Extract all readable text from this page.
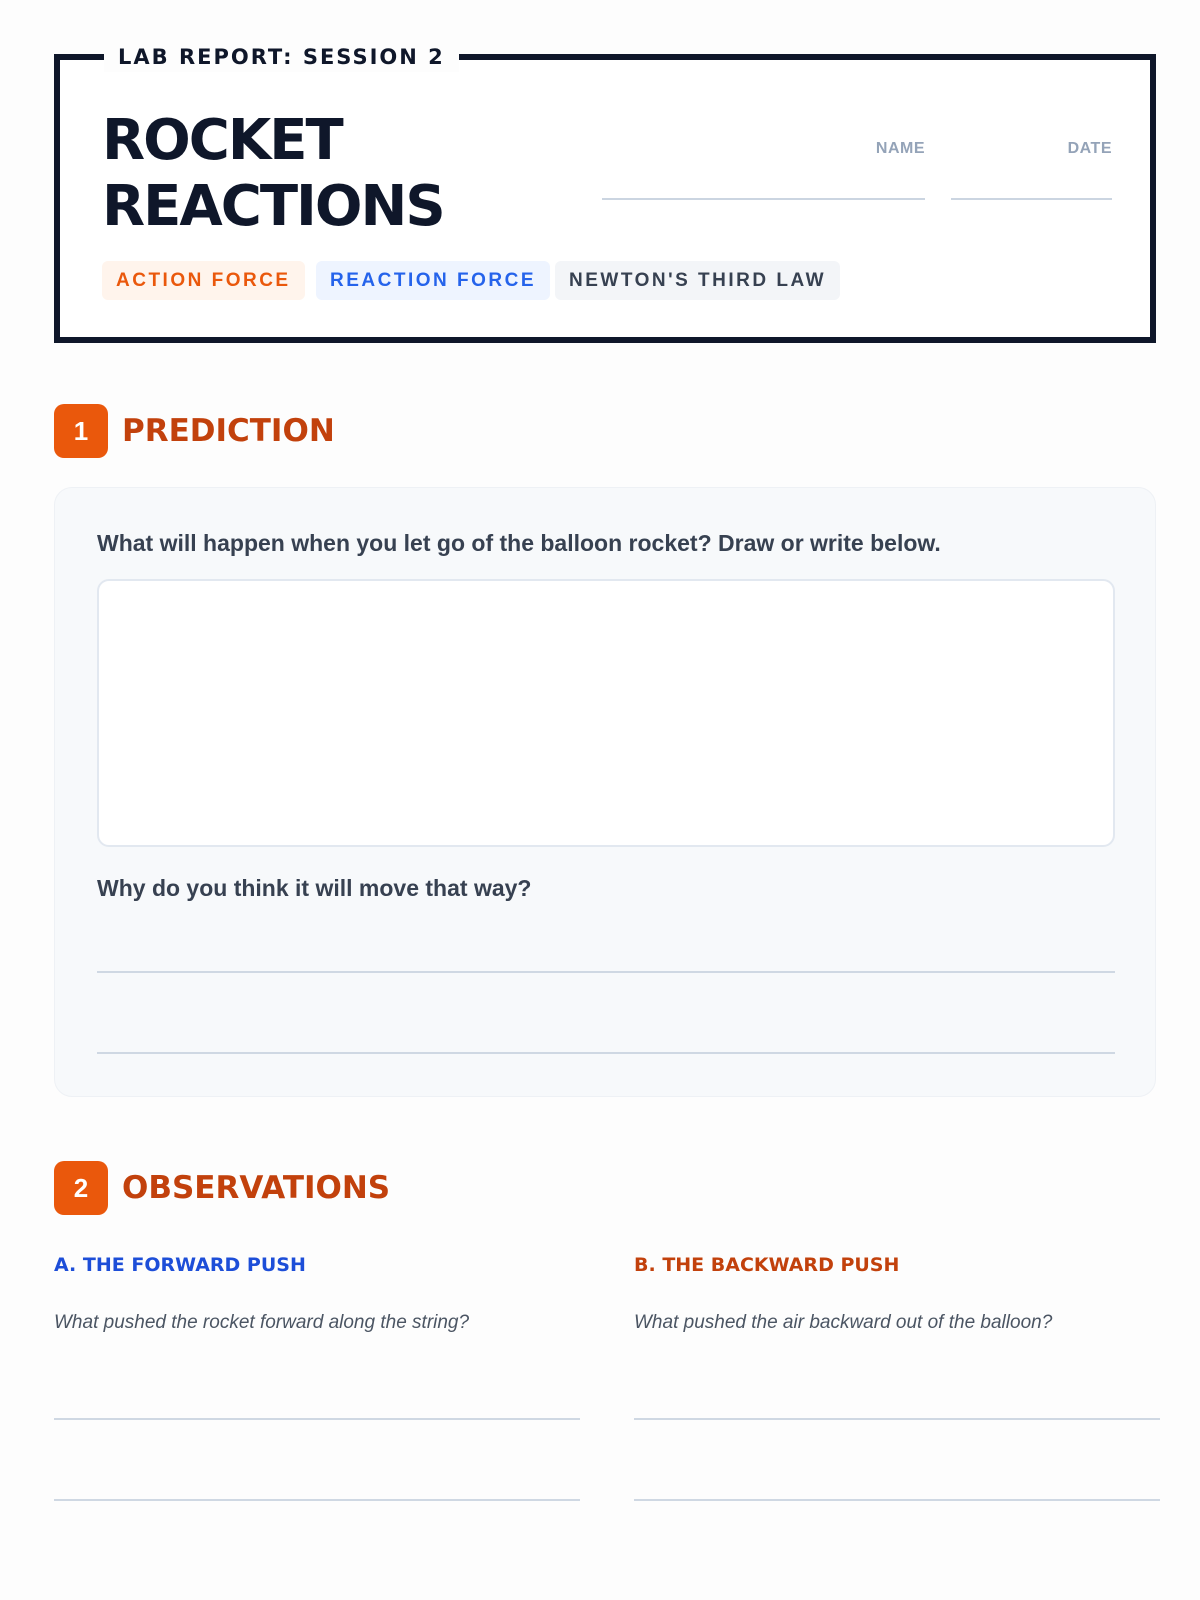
LAB REPORT: SESSION 2
ROCKET
REACTIONS
NAME	DATE
ACTION FORCE	REACTION FORCE	NEWTON'S THIRD LAW
1	PREDICTION
What will happen when you let go of the balloon rocket? Draw or write below.
Why do you think it will move that way?
2	OBSERVATIONS
A. THE FORWARD PUSH
What pushed the rocket forward along the string?
B. THE BACKWARD PUSH
What pushed the air backward out of the balloon?
